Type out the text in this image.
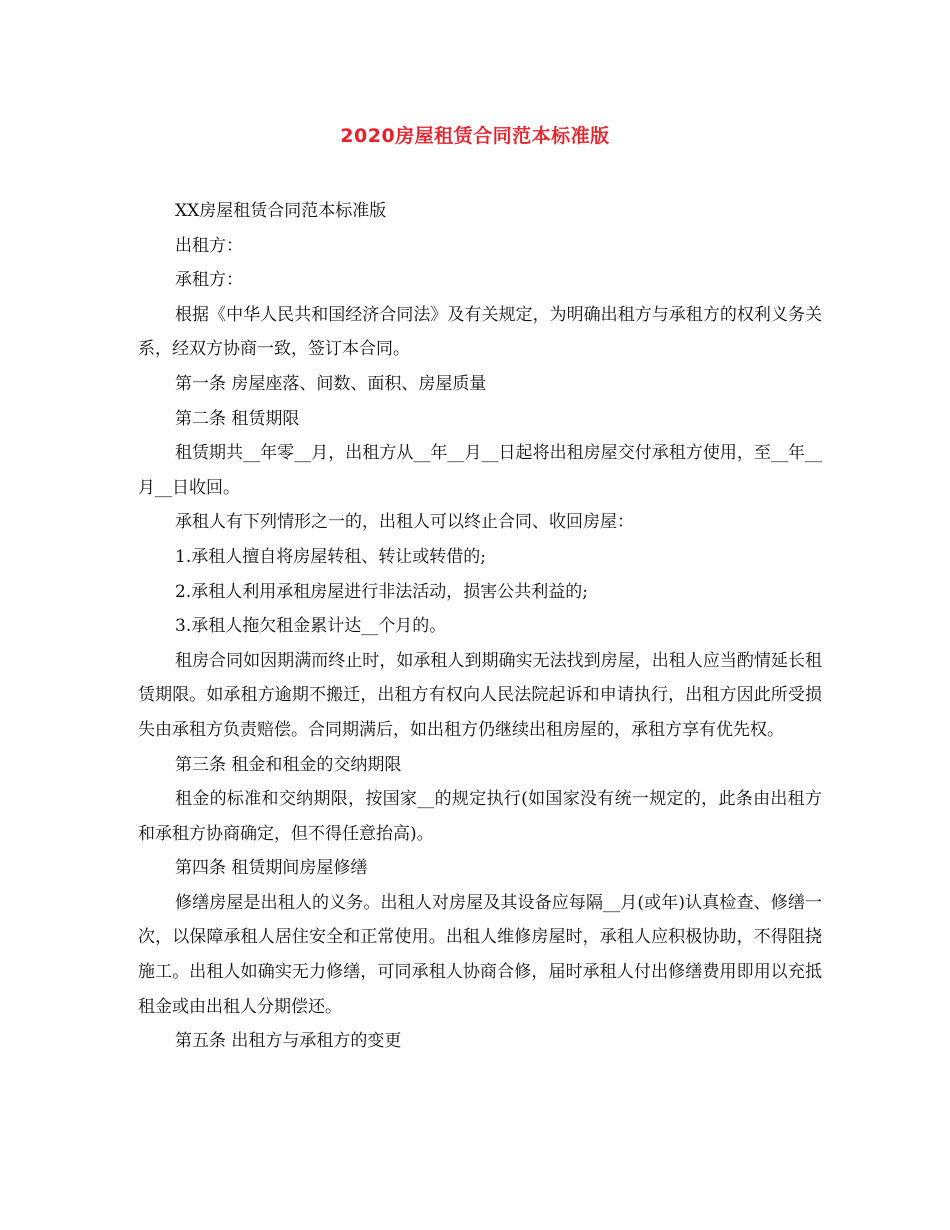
2020房屋租赁合同范本标准版

XX房屋租赁合同范本标准版

出租方：

承租方：

根据《中华人民共和国经济合同法》及有关规定，为明确出租方与承租方的权利义务关系，经双方协商一致，签订本合同。

第一条 房屋座落、间数、面积、房屋质量

第二条 租赁期限

租赁期共__年零__月，出租方从__年__月__日起将出租房屋交付承租方使用，至__年__月__日收回。

承租人有下列情形之一的，出租人可以终止合同、收回房屋：

1.承租人擅自将房屋转租、转让或转借的;

2.承租人利用承租房屋进行非法活动，损害公共利益的;

3.承租人拖欠租金累计达__个月的。

租房合同如因期满而终止时，如承租人到期确实无法找到房屋，出租人应当酌情延长租赁期限。如承租方逾期不搬迁，出租方有权向人民法院起诉和申请执行，出租方因此所受损失由承租方负责赔偿。合同期满后，如出租方仍继续出租房屋的，承租方享有优先权。

第三条 租金和租金的交纳期限

租金的标准和交纳期限，按国家__的规定执行(如国家没有统一规定的，此条由出租方和承租方协商确定，但不得任意抬高)。

第四条 租赁期间房屋修缮

修缮房屋是出租人的义务。出租人对房屋及其设备应每隔__月(或年)认真检查、修缮一次，以保障承租人居住安全和正常使用。出租人维修房屋时，承租人应积极协助，不得阻挠施工。出租人如确实无力修缮，可同承租人协商合修，届时承租人付出修缮费用即用以充抵租金或由出租人分期偿还。

第五条 出租方与承租方的变更
